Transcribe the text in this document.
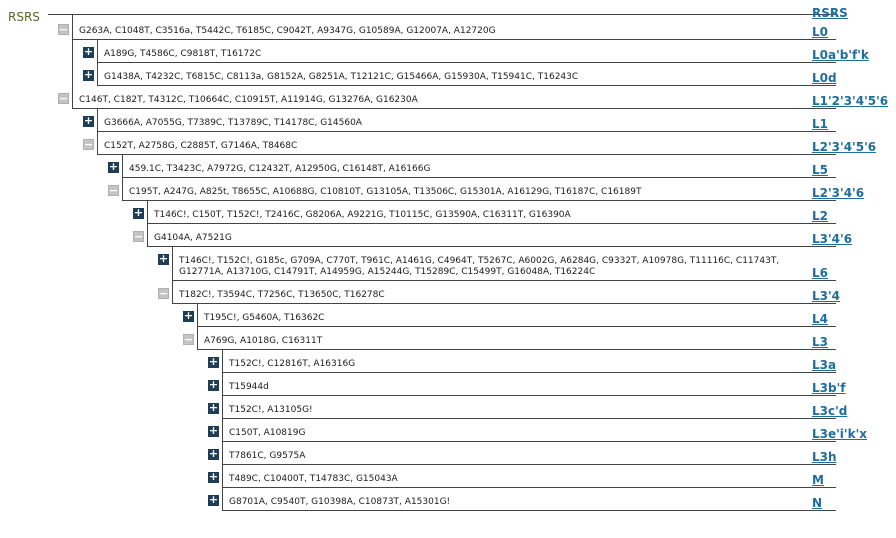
RSRS	RSRS
− G263A, C1048T, C3516a, T5442C, T6185C, C9042T, A9347G, G10589A, G12007A, A12720G	L0
+ A189G, T4586C, C9818T, T16172C	L0a'b'f'k
+ G1438A, T4232C, T6815C, C8113a, G8152A, G8251A, T12121C, G15466A, G15930A, T15941C, T16243C	L0d
− C146T, C182T, T4312C, T10664C, C10915T, A11914G, G13276A, G16230A	L1'2'3'4'5'6
+ G3666A, A7055G, T7389C, T13789C, T14178C, G14560A	L1
− C152T, A2758G, C2885T, G7146A, T8468C	L2'3'4'5'6
+ 459.1C, T3423C, A7972G, C12432T, A12950G, C16148T, A16166G	L5
− C195T, A247G, A825t, T8655C, A10688G, C10810T, G13105A, T13506C, G15301A, A16129G, T16187C, C16189T	L2'3'4'6
+ T146C!, C150T, T152C!, T2416C, G8206A, A9221G, T10115C, G13590A, C16311T, G16390A	L2
− G4104A, A7521G	L3'4'6
+ T146C!, T152C!, G185c, G709A, C770T, T961C, A1461G, C4964T, T5267C, A6002G, A6284G, C9332T, A10978G, T11116C, C11743T,
G12771A, A13710G, C14791T, A14959G, A15244G, T15289C, C15499T, G16048A, T16224C	L6
− T182C!, T3594C, T7256C, T13650C, T16278C	L3'4
+ T195C!, G5460A, T16362C	L4
− A769G, A1018G, C16311T	L3
+ T152C!, C12816T, A16316G	L3a
+ T15944d	L3b'f
+ T152C!, A13105G!	L3c'd
+ C150T, A10819G	L3e'i'k'x
+ T7861C, G9575A	L3h
+ T489C, C10400T, T14783C, G15043A	M
+ G8701A, C9540T, G10398A, C10873T, A15301G!	N
